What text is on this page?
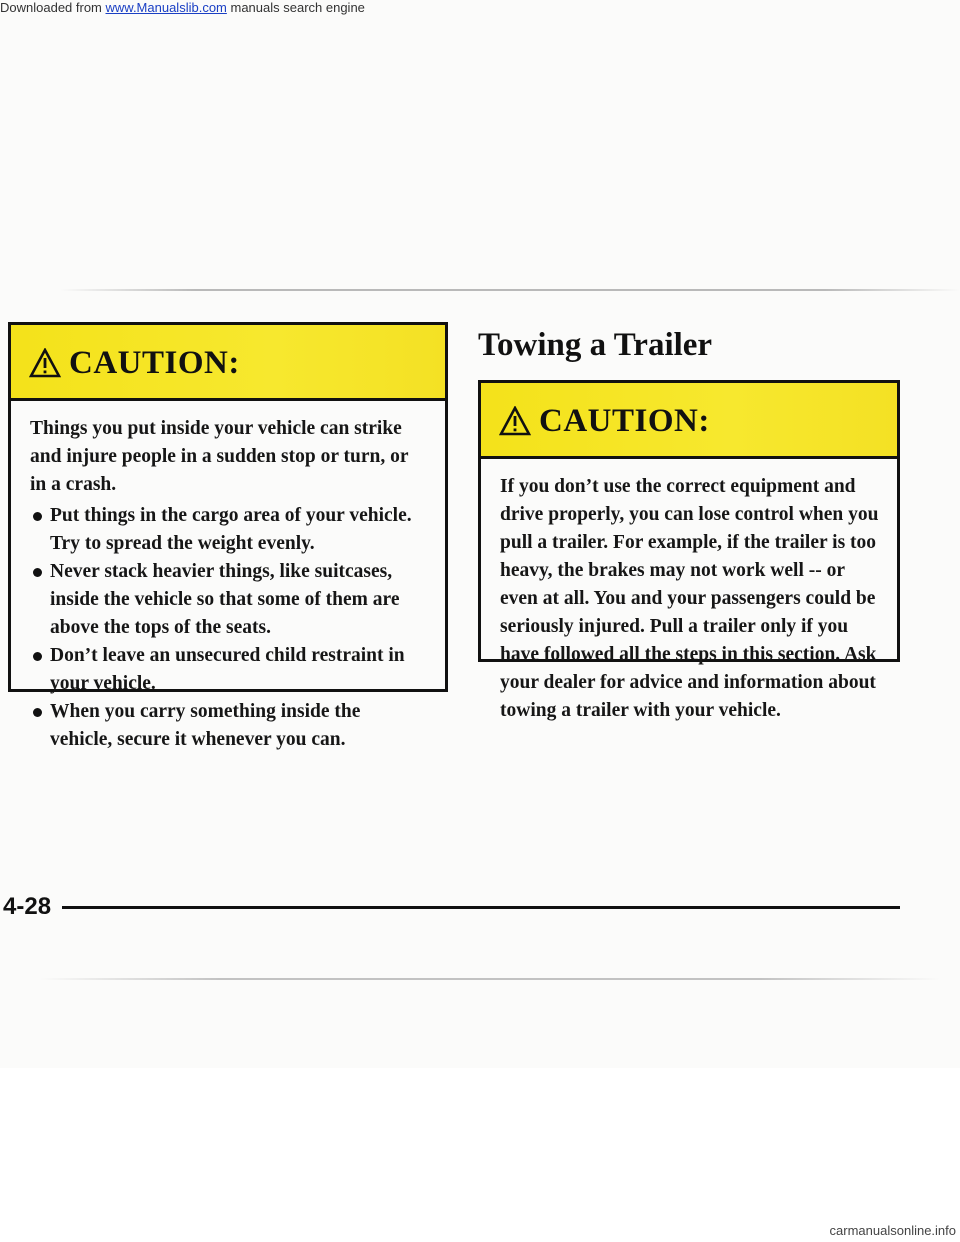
CAUTION:

Things you put inside your vehicle can strike and injure people in a sudden stop or turn, or in a crash.

Put things in the cargo area of your vehicle. Try to spread the weight evenly.
Never stack heavier things, like suitcases, inside the vehicle so that some of them are above the tops of the seats.
Don’t leave an unsecured child restraint in your vehicle.
When you carry something inside the vehicle, secure it whenever you can.
Towing a Trailer
CAUTION:

If you don’t use the correct equipment and drive properly, you can lose control when you pull a trailer. For example, if the trailer is too heavy, the brakes may not work well -- or even at all. You and your passengers could be seriously injured. Pull a trailer only if you have followed all the steps in this section. Ask your dealer for advice and information about towing a trailer with your vehicle.

4-28
Downloaded from www.Manualslib.com manuals search engine
carmanualsonline.info
